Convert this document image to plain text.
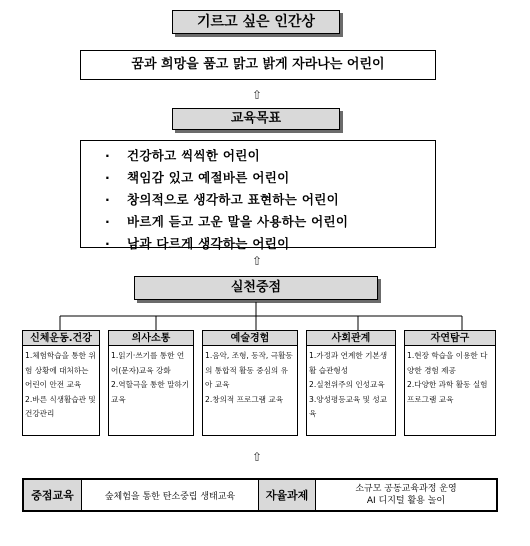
기르고 싶은 인간상
꿈과 희망을 품고 맑고 밝게 자라나는 어린이
⇧
교육목표
· 건강하고 씩씩한 어린이
· 책임감 있고 예절바른 어린이
· 창의적으로 생각하고 표현하는 어린이
· 바르게 듣고 고운 말을 사용하는 어린이
· 남과 다르게 생각하는 어린이
⇧
실천중점
신체운동.건강
1.체험학습을 통한 위험 상황에 대처하는 어린이 안전 교육
2.바른 식생활습관 및 건강관리
의사소통
1.읽기·쓰기를 통한 언어(문자)교육 강화
2.역할극을 통한 말하기교육
예술경험
1.음악, 조형, 동작, 극활동의 통합적 활동 중심의 유아 교육
2.창의적 프로그램 교육
사회관계
1.가정과 연계한 기본생활 습관형성
2.실천위주의 인성교육
3.양성평등교육 및 성교육
자연탐구
1.현장 학습을 이용한 다양한 경험 제공
2.다양한 과학 활동 실험 프로그램 교육
⇧
중점교육	숲체험을 통한 탄소중립 생태교육	자율과제	소규모 공동교육과정 운영
AI 디지털 활용 놀이
